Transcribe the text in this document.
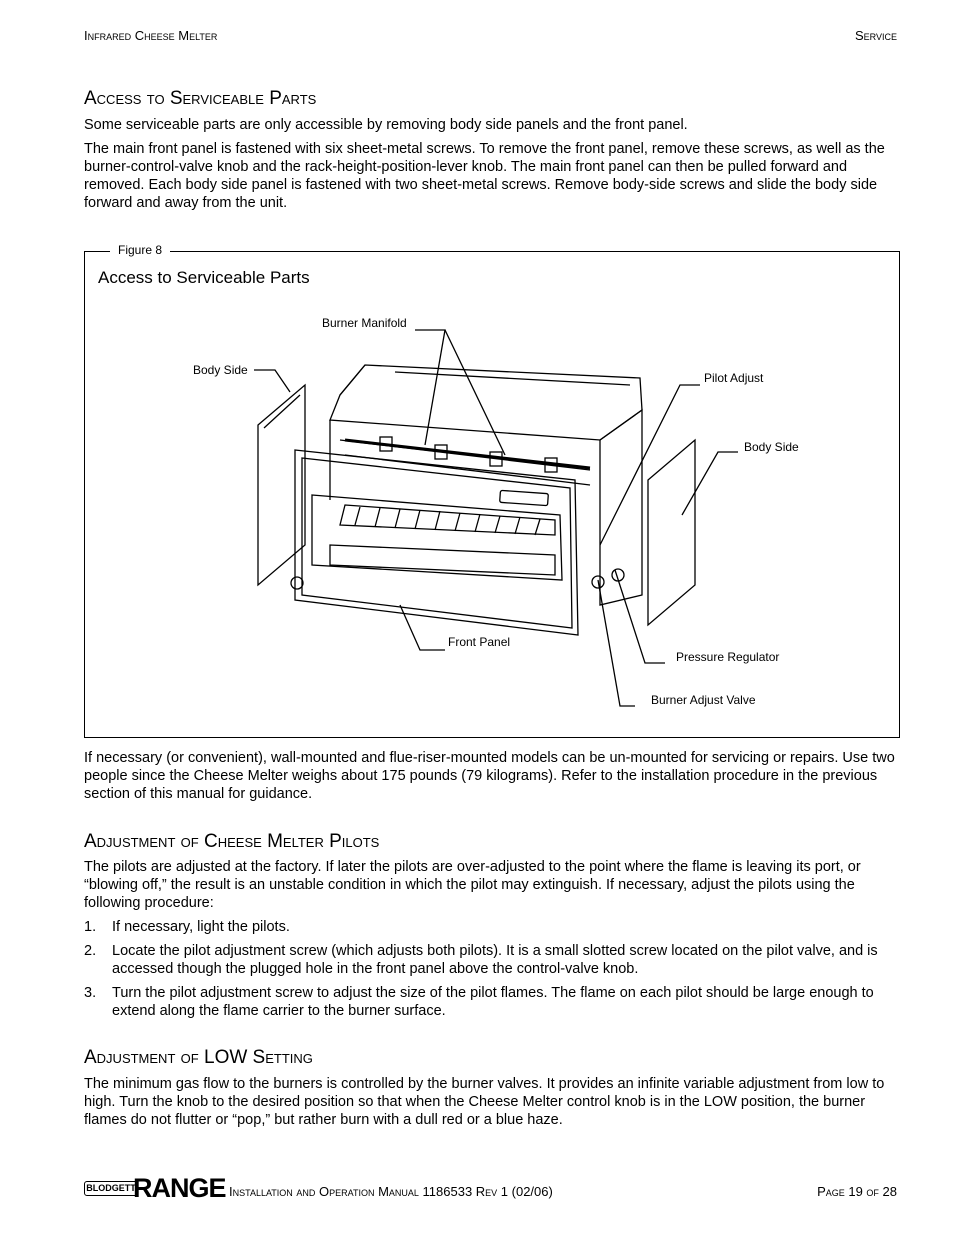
Infrared Cheese Melter	Service
Access to Serviceable Parts
Some serviceable parts are only accessible by removing body side panels and the front panel.
The main front panel is fastened with six sheet-metal screws. To remove the front panel, remove these screws, as well as the burner-control-valve knob and the rack-height-position-lever knob. The main front panel can then be pulled forward and removed. Each body side panel is fastened with two sheet-metal screws. Remove body-side screws and slide the body side forward and away from the unit.
Figure 8
Access to Serviceable Parts
Burner Manifold
Body Side
Pilot Adjust
Body Side
Front Panel
Pressure Regulator
Burner Adjust Valve
If necessary (or convenient), wall-mounted and flue-riser-mounted models can be un-mounted for servicing or repairs. Use two people since the Cheese Melter weighs about 175 pounds (79 kilograms). Refer to the installation procedure in the previous section of this manual for guidance.
Adjustment of Cheese Melter Pilots
The pilots are adjusted at the factory. If later the pilots are over-adjusted to the point where the flame is leaving its port, or “blowing off,” the result is an unstable condition in which the pilot may extinguish. If necessary, adjust the pilots using the following procedure:
1. If necessary, light the pilots.
2. Locate the pilot adjustment screw (which adjusts both pilots). It is a small slotted screw located on the pilot valve, and is accessed though the plugged hole in the front panel above the control-valve knob.
3. Turn the pilot adjustment screw to adjust the size of the pilot flames. The flame on each pilot should be large enough to extend along the flame carrier to the burner surface.
Adjustment of LOW Setting
The minimum gas flow to the burners is controlled by the burner valves. It provides an infinite variable adjustment from low to high. Turn the knob to the desired position so that when the Cheese Melter control knob is in the LOW position, the burner flames do not flutter or “pop,” but rather burn with a dull red or a blue haze.
BLODGETT
RANGE Installation and Operation Manual 1186533 Rev 1 (02/06)	Page 19 of 28
